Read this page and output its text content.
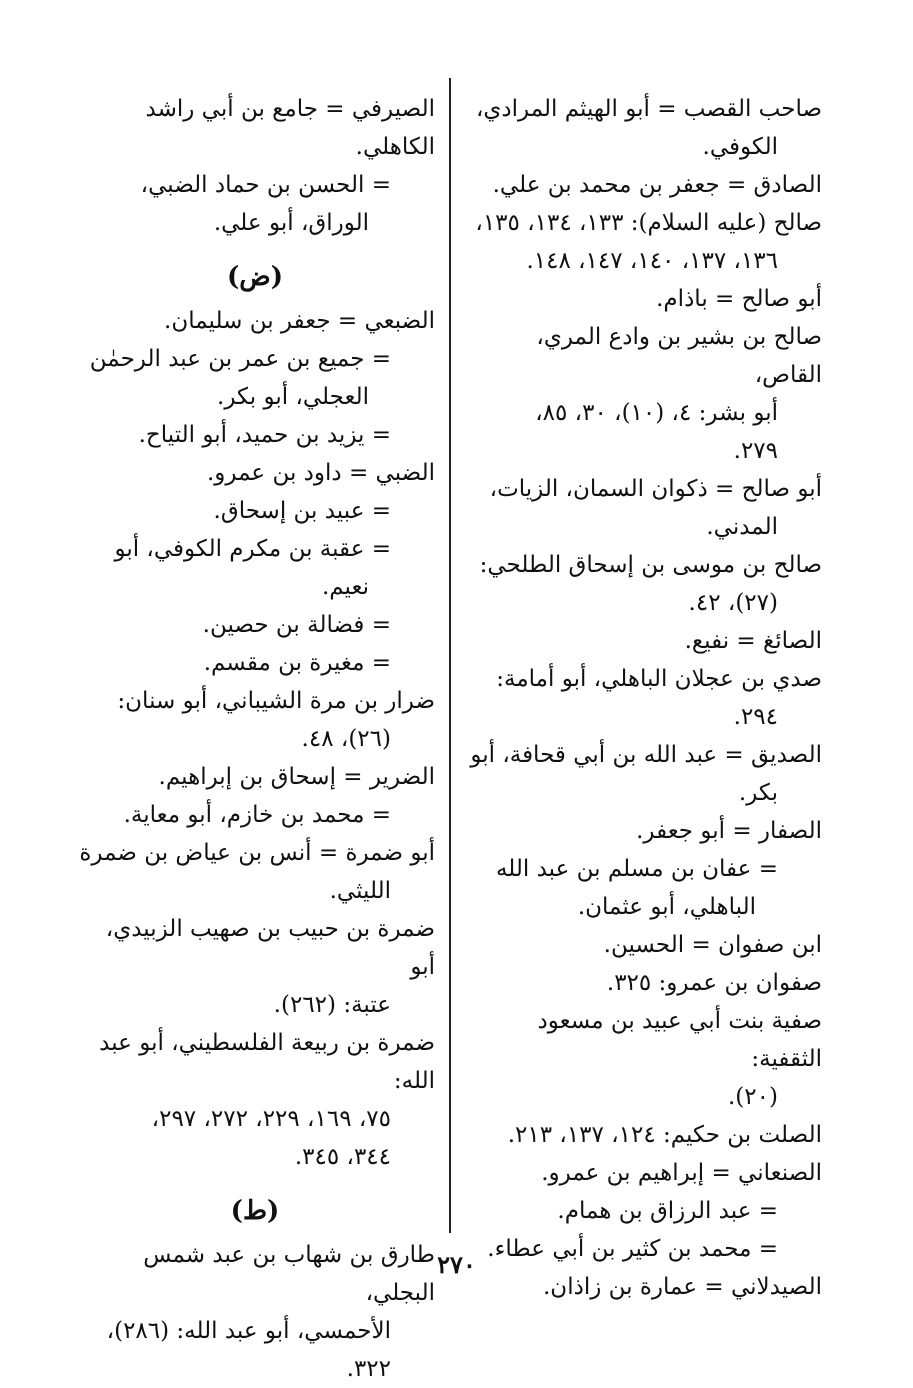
صاحب القصب = أبو الهيثم المرادي،
الكوفي.
الصادق = جعفر بن محمد بن علي.
صالح (عليه السلام): ١٣٣، ١٣٤، ١٣٥،
١٣٦، ١٣٧، ١٤٠، ١٤٧، ١٤٨.
أبو صالح = باذام.
صالح بن بشير بن وادع المري، القاص،
أبو بشر: ٤، (١٠)، ٣٠، ٨٥،
٢٧٩.
أبو صالح = ذكوان السمان، الزيات،
المدني.
صالح بن موسى بن إسحاق الطلحي:
(٢٧)، ٤٢.
الصائغ = نفيع.
صدي بن عجلان الباهلي، أبو أمامة:
٢٩٤.
الصديق = عبد الله بن أبي قحافة، أبو
بكر.
الصفار = أبو جعفر.
= عفان بن مسلم بن عبد الله
الباهلي، أبو عثمان.
ابن صفوان = الحسين.
صفوان بن عمرو: ٣٢٥.
صفية بنت أبي عبيد بن مسعود الثقفية:
(٢٠).
الصلت بن حكيم: ١٢٤، ١٣٧، ٢١٣.
الصنعاني = إبراهيم بن عمرو.
= عبد الرزاق بن همام.
= محمد بن كثير بن أبي عطاء.
الصيدلاني = عمارة بن زاذان.
الصيرفي = جامع بن أبي راشد الكاهلي.
= الحسن بن حماد الضبي،
الوراق، أبو علي.
(ض)
الضبعي = جعفر بن سليمان.
= جميع بن عمر بن عبد الرحمٰن
العجلي، أبو بكر.
= يزيد بن حميد، أبو التياح.
الضبي = داود بن عمرو.
= عبيد بن إسحاق.
= عقبة بن مكرم الكوفي، أبو
نعيم.
= فضالة بن حصين.
= مغيرة بن مقسم.
ضرار بن مرة الشيباني، أبو سنان:
(٢٦)، ٤٨.
الضرير = إسحاق بن إبراهيم.
= محمد بن خازم، أبو معاية.
أبو ضمرة = أنس بن عياض بن ضمرة
الليثي.
ضمرة بن حبيب بن صهيب الزبيدي، أبو
عتبة: (٢٦٢).
ضمرة بن ربيعة الفلسطيني، أبو عبد الله:
٧٥، ١٦٩، ٢٢٩، ٢٧٢، ٢٩٧،
٣٤٤، ٣٤٥.
(ط)
طارق بن شهاب بن عبد شمس البجلي،
الأحمسي، أبو عبد الله: (٢٨٦)،
٣٢٢.
٢٧٠
